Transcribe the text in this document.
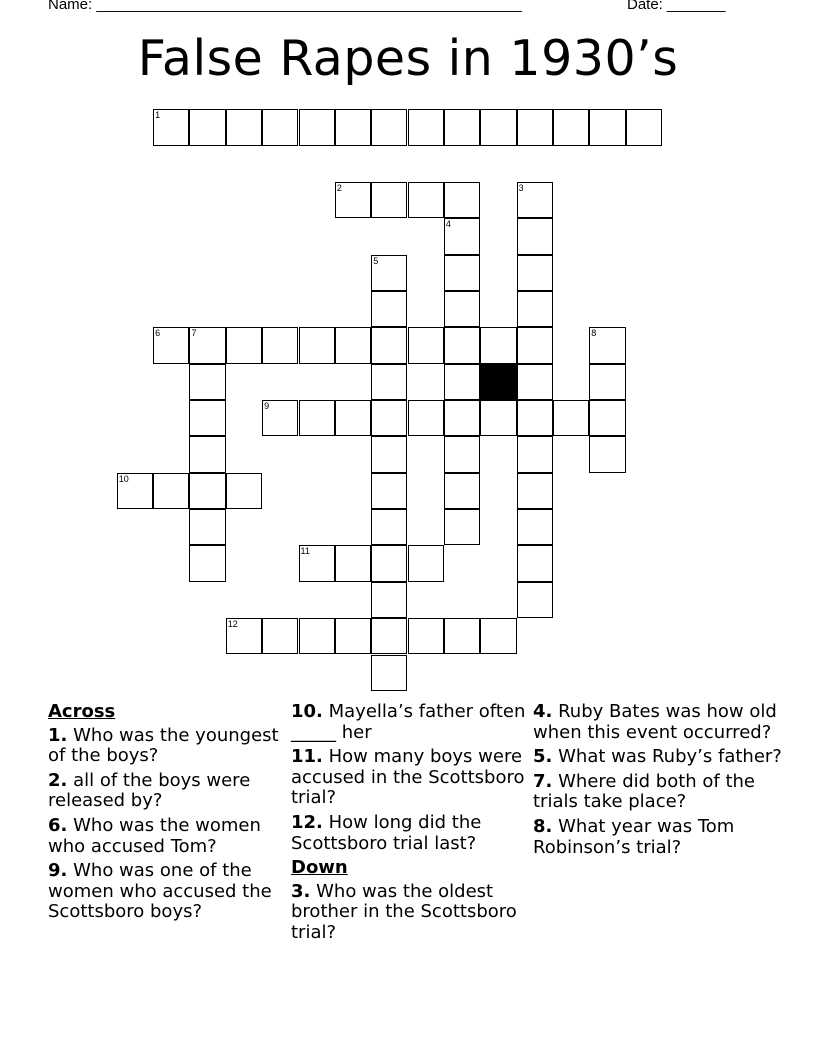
Name: ___________________________________________________	Date: _______
False Rapes in 1930’s
1
2	3
4
5
6	7	8
9
10
11
12
Across
1. Who was the youngest of the boys?
2. all of the boys were released by?
6. Who was the women who accused Tom?
9. Who was one of the women who accused the Scottsboro boys?
10. Mayella’s father often _____ her
11. How many boys were accused in the Scottsboro trial?
12. How long did the Scottsboro trial last?
Down
3. Who was the oldest brother in the Scottsboro trial?
4. Ruby Bates was how old when this event occurred?
5. What was Ruby’s father?
7. Where did both of the trials take place?
8. What year was Tom Robinson’s trial?
